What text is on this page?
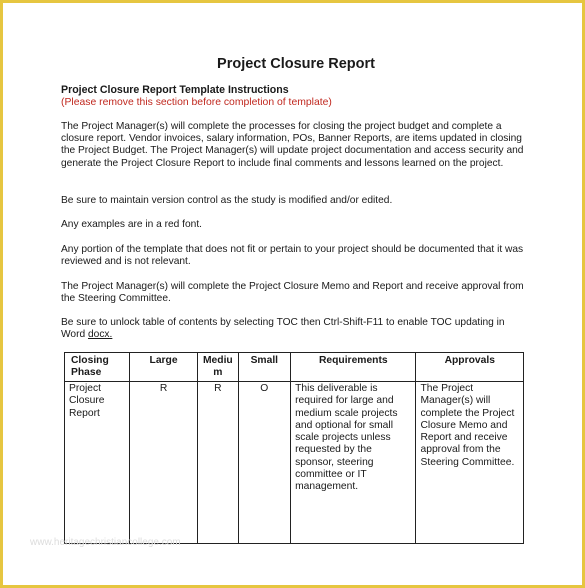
Project Closure Report
Project Closure Report Template Instructions
(Please remove this section before completion of template)
The Project Manager(s) will complete the processes for closing the project budget and complete a closure report. Vendor invoices, salary information, POs, Banner Reports, are items updated in closing the Project Budget. The Project Manager(s) will update project documentation and access security and generate the Project Closure Report to include final comments and lessons learned on the project.
Be sure to maintain version control as the study is modified and/or edited.
Any examples are in a red font.
Any portion of the template that does not fit or pertain to your project should be documented that it was reviewed and is not relevant.
The Project Manager(s) will complete the Project Closure Memo and Report and receive approval from the Steering Committee.
Be sure to unlock table of contents by selecting TOC then Ctrl-Shift-F11 to enable TOC updating in Word docx.
Closing Phase	Large	Medium	Small	Requirements	Approvals
Project Closure Report	R	R	O	This deliverable is required for large and medium scale projects and optional for small scale projects unless requested by the sponsor, steering committee or IT management.	The Project Manager(s) will complete the Project Closure Memo and Report and receive approval from the Steering Committee.
www.heritagechristiancollege.com
